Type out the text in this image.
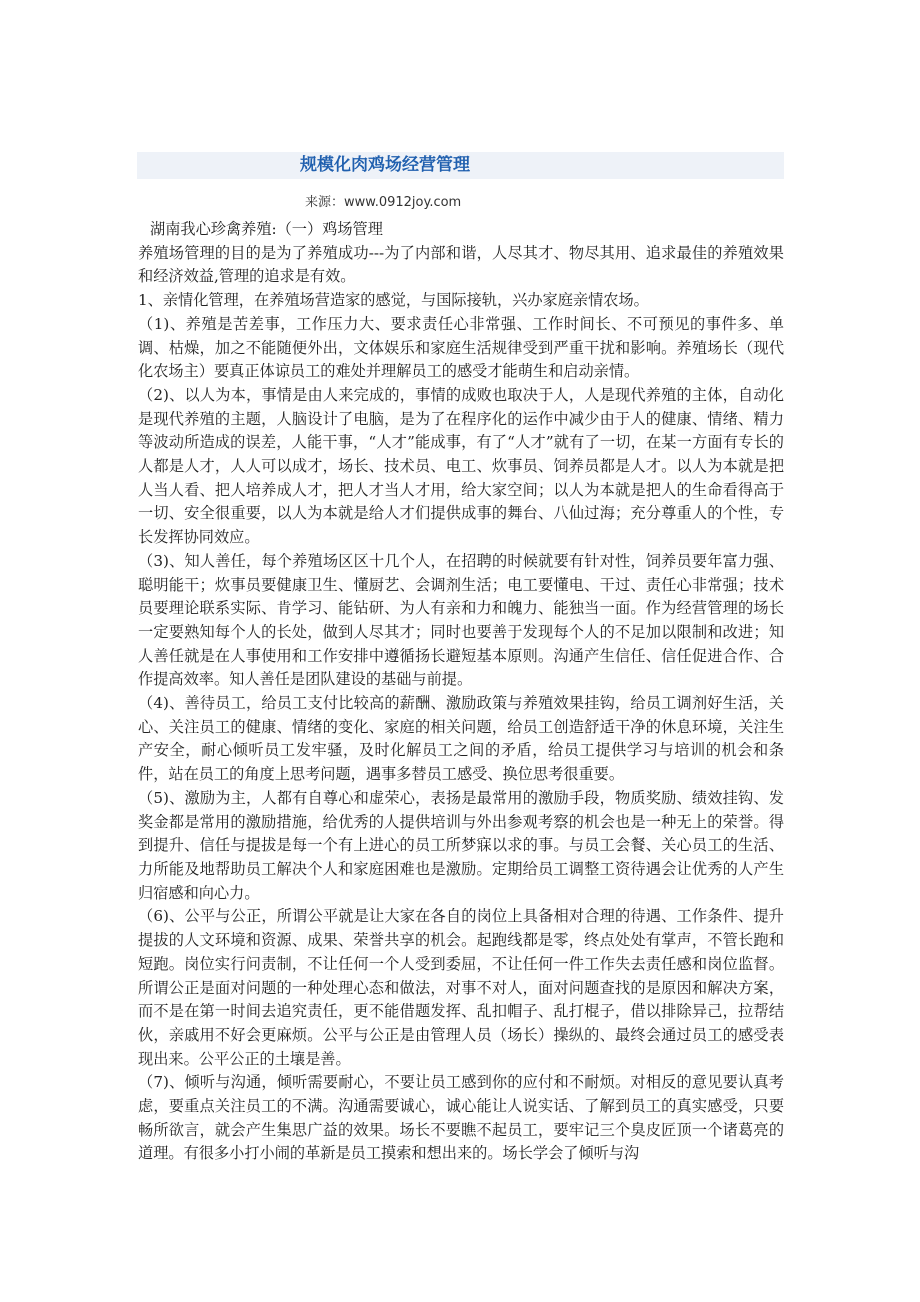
规模化肉鸡场经营管理
来源：www.0912joy.com

湖南我心珍禽养殖:（一）鸡场管理

养殖场管理的目的是为了养殖成功---为了内部和谐，人尽其才、物尽其用、追求最佳的养殖效果和经济效益,管理的追求是有效。

1、亲情化管理，在养殖场营造家的感觉，与国际接轨，兴办家庭亲情农场。

（1)、养殖是苦差事，工作压力大、要求责任心非常强、工作时间长、不可预见的事件多、单调、枯燥，加之不能随便外出，文体娱乐和家庭生活规律受到严重干扰和影响。养殖场长（现代化农场主）要真正体谅员工的难处并理解员工的感受才能萌生和启动亲情。

（2)、以人为本，事情是由人来完成的，事情的成败也取决于人，人是现代养殖的主体，自动化是现代养殖的主题，人脑设计了电脑，是为了在程序化的运作中减少由于人的健康、情绪、精力等波动所造成的误差，人能干事，“人才”能成事，有了“人才”就有了一切，在某一方面有专长的人都是人才，人人可以成才，场长、技术员、电工、炊事员、饲养员都是人才。以人为本就是把人当人看、把人培养成人才，把人才当人才用，给大家空间；以人为本就是把人的生命看得高于一切、安全很重要，以人为本就是给人才们提供成事的舞台、八仙过海；充分尊重人的个性，专长发挥协同效应。

（3)、知人善任，每个养殖场区区十几个人，在招聘的时候就要有针对性，饲养员要年富力强、聪明能干；炊事员要健康卫生、懂厨艺、会调剂生活；电工要懂电、干过、责任心非常强；技术员要理论联系实际、肯学习、能钻研、为人有亲和力和魄力、能独当一面。作为经营管理的场长一定要熟知每个人的长处，做到人尽其才；同时也要善于发现每个人的不足加以限制和改进；知人善任就是在人事使用和工作安排中遵循扬长避短基本原则。沟通产生信任、信任促进合作、合作提高效率。知人善任是团队建设的基础与前提。

（4)、善待员工，给员工支付比较高的薪酬、激励政策与养殖效果挂钩，给员工调剂好生活，关心、关注员工的健康、情绪的变化、家庭的相关问题，给员工创造舒适干净的休息环境，关注生产安全，耐心倾听员工发牢骚，及时化解员工之间的矛盾，给员工提供学习与培训的机会和条件，站在员工的角度上思考问题，遇事多替员工感受、换位思考很重要。

（5)、激励为主，人都有自尊心和虚荣心，表扬是最常用的激励手段，物质奖励、绩效挂钩、发奖金都是常用的激励措施，给优秀的人提供培训与外出参观考察的机会也是一种无上的荣誉。得到提升、信任与提拔是每一个有上进心的员工所梦寐以求的事。与员工会餐、关心员工的生活、力所能及地帮助员工解决个人和家庭困难也是激励。定期给员工调整工资待遇会让优秀的人产生归宿感和向心力。

（6)、公平与公正，所谓公平就是让大家在各自的岗位上具备相对合理的待遇、工作条件、提升提拔的人文环境和资源、成果、荣誉共享的机会。起跑线都是零，终点处处有掌声，不管长跑和短跑。岗位实行问责制，不让任何一个人受到委屈，不让任何一件工作失去责任感和岗位监督。所谓公正是面对问题的一种处理心态和做法，对事不对人，面对问题查找的是原因和解决方案，而不是在第一时间去追究责任，更不能借题发挥、乱扣帽子、乱打棍子，借以排除异己，拉帮结伙，亲戚用不好会更麻烦。公平与公正是由管理人员（场长）操纵的、最终会通过员工的感受表现出来。公平公正的土壤是善。

（7)、倾听与沟通，倾听需要耐心，不要让员工感到你的应付和不耐烦。对相反的意见要认真考虑，要重点关注员工的不满。沟通需要诚心，诚心能让人说实话、了解到员工的真实感受，只要畅所欲言，就会产生集思广益的效果。场长不要瞧不起员工，要牢记三个臭皮匠顶一个诸葛亮的道理。有很多小打小闹的革新是员工摸索和想出来的。场长学会了倾听与沟
